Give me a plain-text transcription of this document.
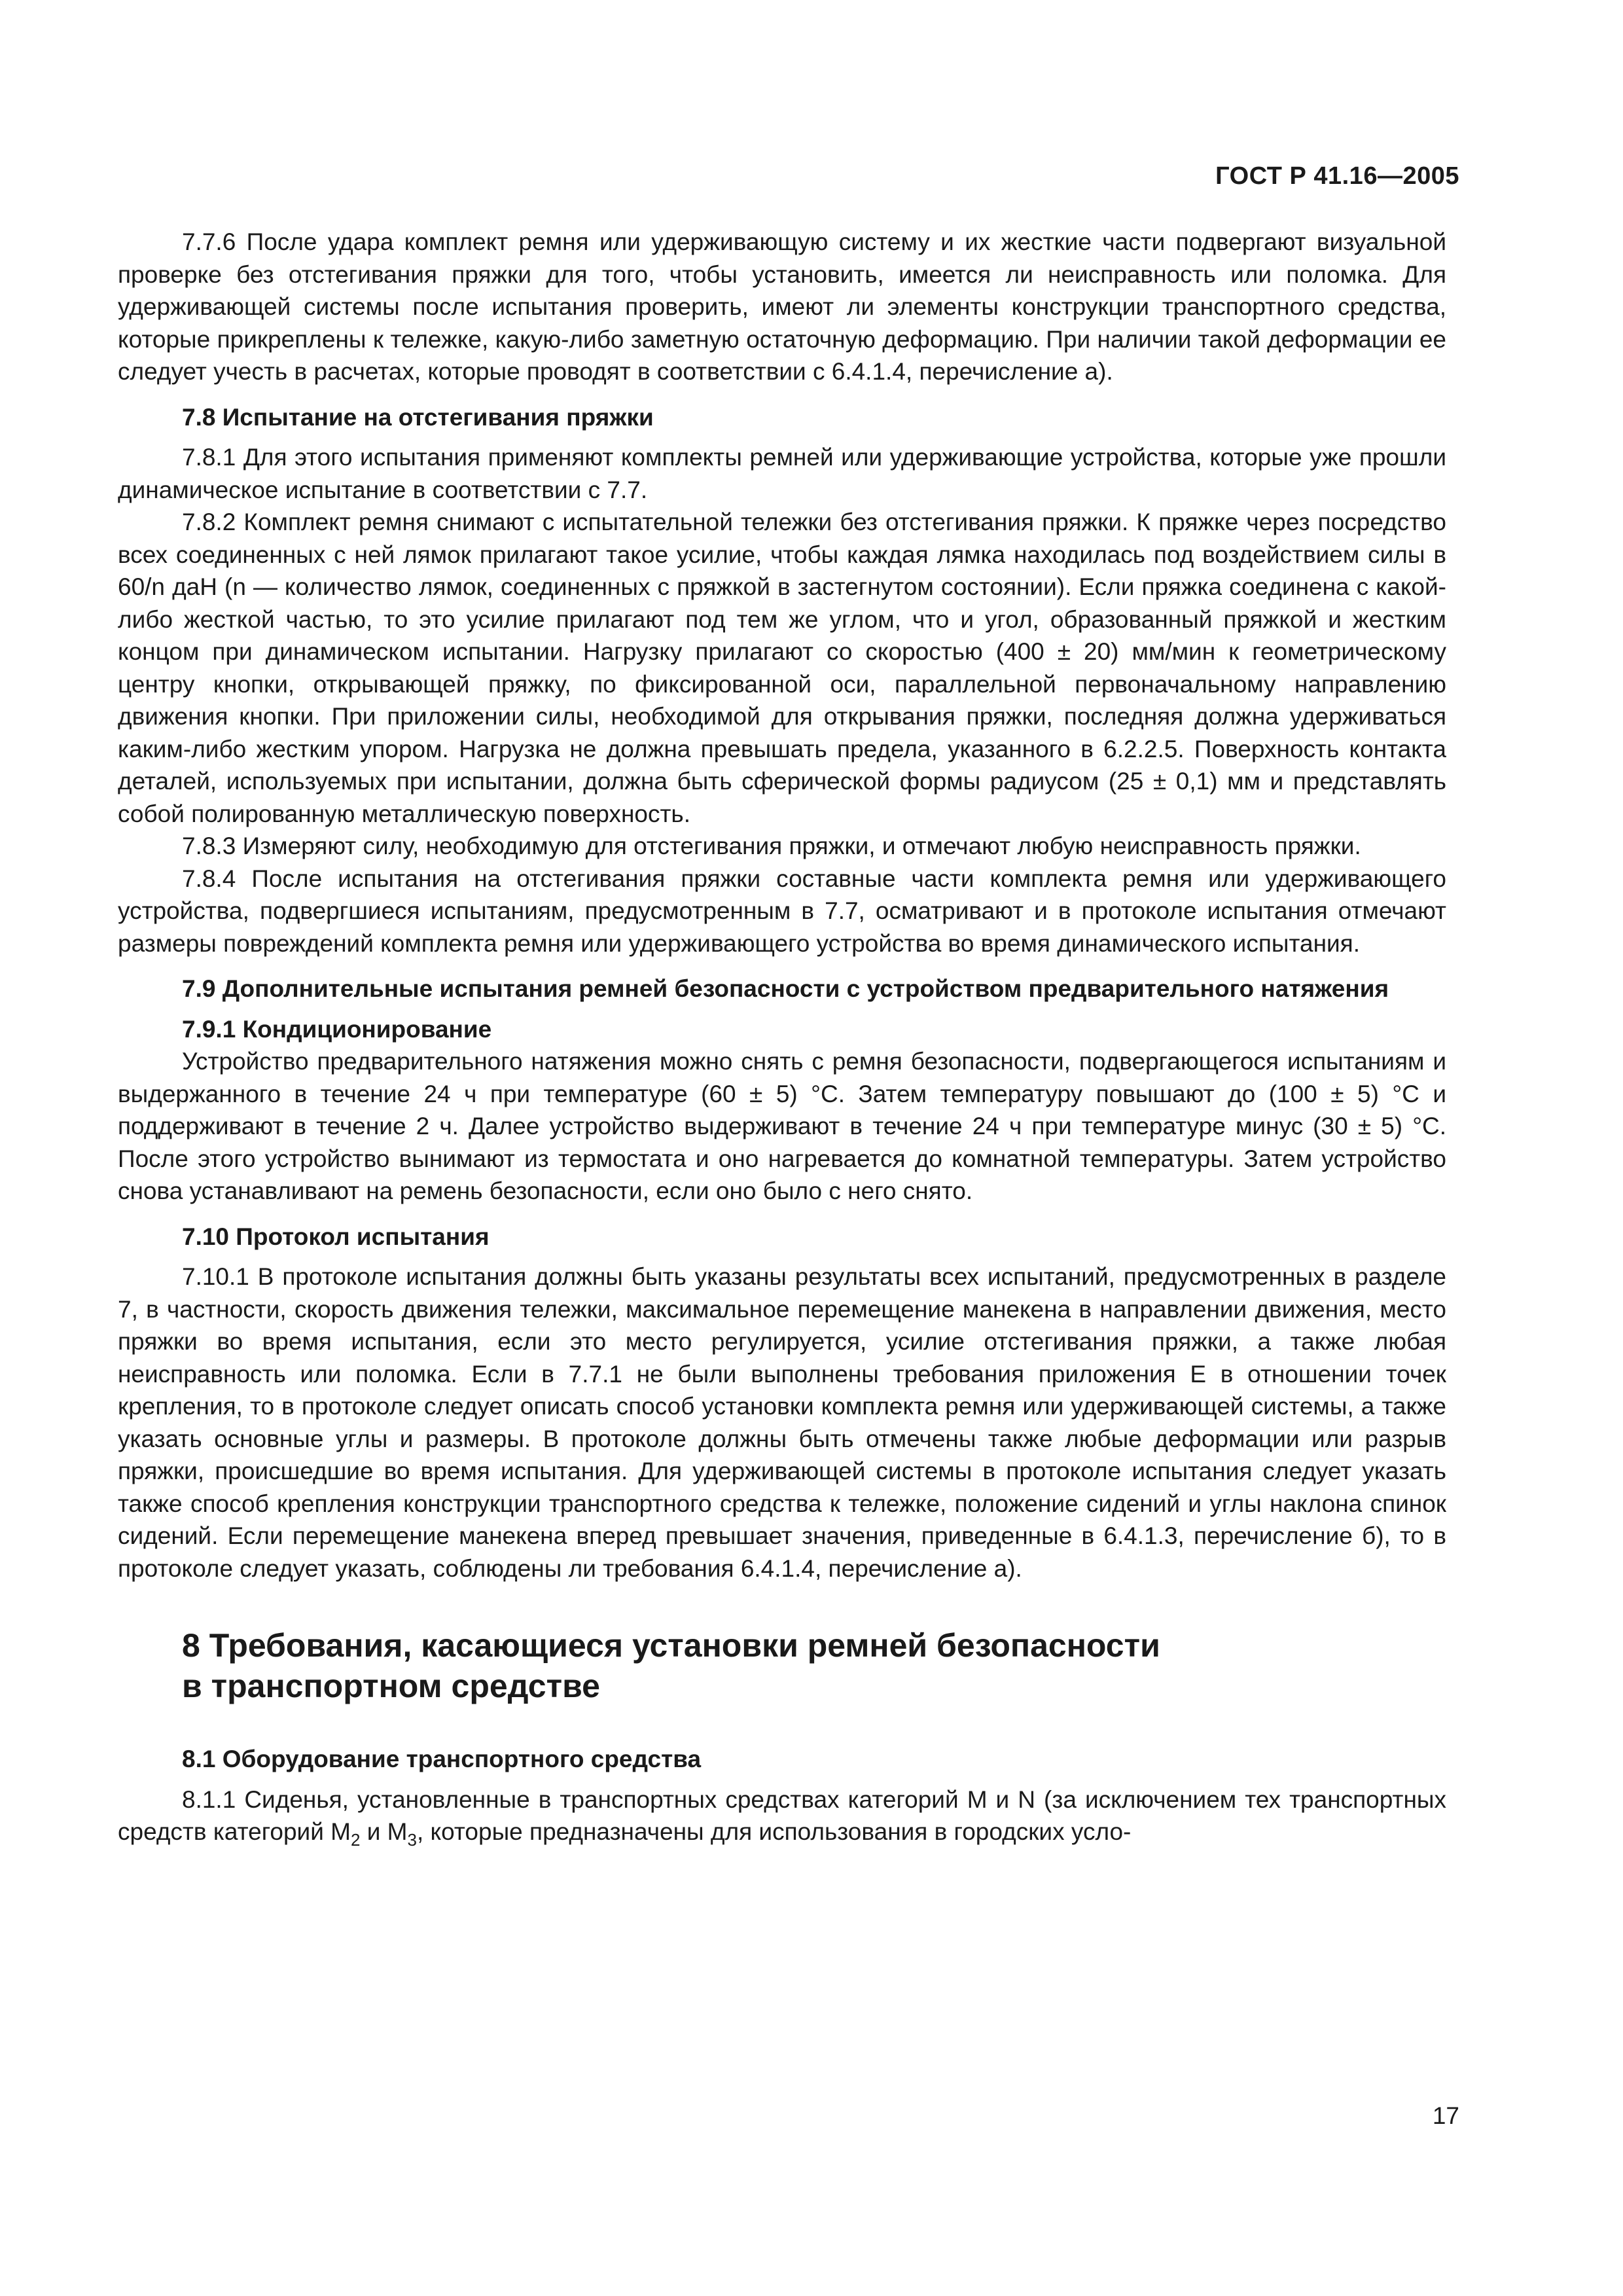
ГОСТ Р 41.16—2005

7.7.6 После удара комплект ремня или удерживающую систему и их жесткие части подвергают визуальной проверке без отстегивания пряжки для того, чтобы установить, имеется ли неисправность или поломка. Для удерживающей системы после испытания проверить, имеют ли элементы конструкции транспортного средства, которые прикреплены к тележке, какую-либо заметную остаточную деформацию. При наличии такой деформации ее следует учесть в расчетах, которые проводят в соответствии с 6.4.1.4, перечисление а).

7.8 Испытание на отстегивания пряжки

7.8.1 Для этого испытания применяют комплекты ремней или удерживающие устройства, которые уже прошли динамическое испытание в соответствии с 7.7.

7.8.2 Комплект ремня снимают с испытательной тележки без отстегивания пряжки. К пряжке через посредство всех соединенных с ней лямок прилагают такое усилие, чтобы каждая лямка находилась под воздействием силы в 60/n даН (n — количество лямок, соединенных с пряжкой в застегнутом состоянии). Если пряжка соединена с какой-либо жесткой частью, то это усилие прилагают под тем же углом, что и угол, образованный пряжкой и жестким концом при динамическом испытании. Нагрузку прилагают со скоростью (400 ± 20) мм/мин к геометрическому центру кнопки, открывающей пряжку, по фиксированной оси, параллельной первоначальному направлению движения кнопки. При приложении силы, необходимой для открывания пряжки, последняя должна удерживаться каким-либо жестким упором. Нагрузка не должна превышать предела, указанного в 6.2.2.5. Поверхность контакта деталей, используемых при испытании, должна быть сферической формы радиусом (25 ± 0,1) мм и представлять собой полированную металлическую поверхность.

7.8.3 Измеряют силу, необходимую для отстегивания пряжки, и отмечают любую неисправность пряжки.

7.8.4 После испытания на отстегивания пряжки составные части комплекта ремня или удерживающего устройства, подвергшиеся испытаниям, предусмотренным в 7.7, осматривают и в протоколе испытания отмечают размеры повреждений комплекта ремня или удерживающего устройства во время динамического испытания.

7.9 Дополнительные испытания ремней безопасности с устройством предварительного натяжения

7.9.1 Кондиционирование

Устройство предварительного натяжения можно снять с ремня безопасности, подвергающегося испытаниям и выдержанного в течение 24 ч при температуре (60 ± 5) °С. Затем температуру повышают до (100 ± 5) °С и поддерживают в течение 2 ч. Далее устройство выдерживают в течение 24 ч при температуре минус (30 ± 5) °С. После этого устройство вынимают из термостата и оно нагревается до комнатной температуры. Затем устройство снова устанавливают на ремень безопасности, если оно было с него снято.

7.10 Протокол испытания

7.10.1 В протоколе испытания должны быть указаны результаты всех испытаний, предусмотренных в разделе 7, в частности, скорость движения тележки, максимальное перемещение манекена в направлении движения, место пряжки во время испытания, если это место регулируется, усилие отстегивания пряжки, а также любая неисправность или поломка. Если в 7.7.1 не были выполнены требования приложения Е в отношении точек крепления, то в протоколе следует описать способ установки комплекта ремня или удерживающей системы, а также указать основные углы и размеры. В протоколе должны быть отмечены также любые деформации или разрыв пряжки, происшедшие во время испытания. Для удерживающей системы в протоколе испытания следует указать также способ крепления конструкции транспортного средства к тележке, положение сидений и углы наклона спинок сидений. Если перемещение манекена вперед превышает значения, приведенные в 6.4.1.3, перечисление б), то в протоколе следует указать, соблюдены ли требования 6.4.1.4, перечисление а).

8 Требования, касающиеся установки ремней безопасности
в транспортном средстве

8.1 Оборудование транспортного средства

8.1.1 Сиденья, установленные в транспортных средствах категорий М и N (за исключением тех транспортных средств категорий $М_2$ и $М_3$, которые предназначены для использования в городских усло-

17
